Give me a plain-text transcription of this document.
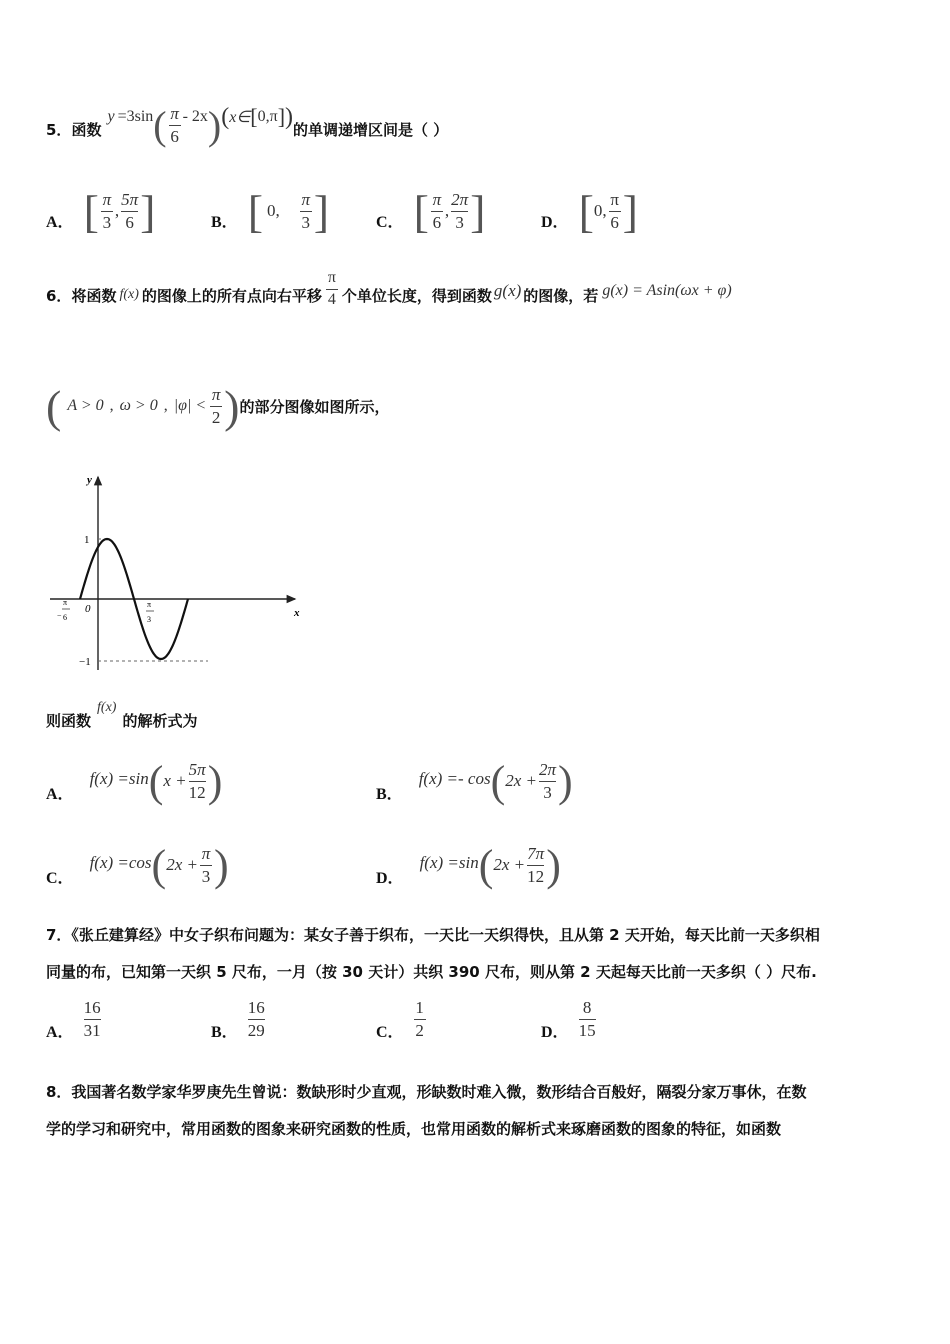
5． 函数
y =3sin ( $\frac{\pi}{6} - 2x$ ) ( x∈ [ 0,π ] ) 的单调递增区间是（ ）
A． [ $\frac{\pi}{3}$ , $\frac{5\pi}{6}$ ]	B． [ 0, $\frac{\pi}{3}$ ]	C． [ $\frac{\pi}{6}$ , $\frac{2\pi}{3}$ ]	D． [ 0, $\frac{\pi}{6}$ ]
6． 将函数 f(x) 的图像上的所有点向右平移 $\frac{\pi}{4}$ 个单位长度，得到函数 g(x) 的图像，若 g(x) = Asin(ωx + φ)
( A > 0 , ω > 0 , $|\varphi| < \frac{\pi}{2}$ ) 的部分图像如图所示，
y
x
0
1
−1
−
π
6
π
3
则函数
f(x)
的解析式为
A．
f(x) =sin ( $x + \frac{5\pi}{12}$ )	B．
f(x) =- cos ( $2x + \frac{2\pi}{3}$ )
C．
f(x) =cos ( $2x + \frac{\pi}{3}$ )	D．
f(x) =sin ( $2x + \frac{7\pi}{12}$ )
7．《张丘建算经》中女子织布问题为：某女子善于织布，一天比一天织得快，且从第 2 天开始，每天比前一天多织相
同量的布，已知第一天织 5 尺布，一月（按 30 天计）共织 390 尺布，则从第 2 天起每天比前一天多织（ ）尺布.
A． $\frac{16}{31}$	B． $\frac{16}{29}$	C． $\frac{1}{2}$	D． $\frac{8}{15}$
8．我国著名数学家华罗庚先生曾说：数缺形时少直观，形缺数时难入微，数形结合百般好，隔裂分家万事休，在数
学的学习和研究中，常用函数的图象来研究函数的性质，也常用函数的解析式来琢磨函数的图象的特征，如函数
